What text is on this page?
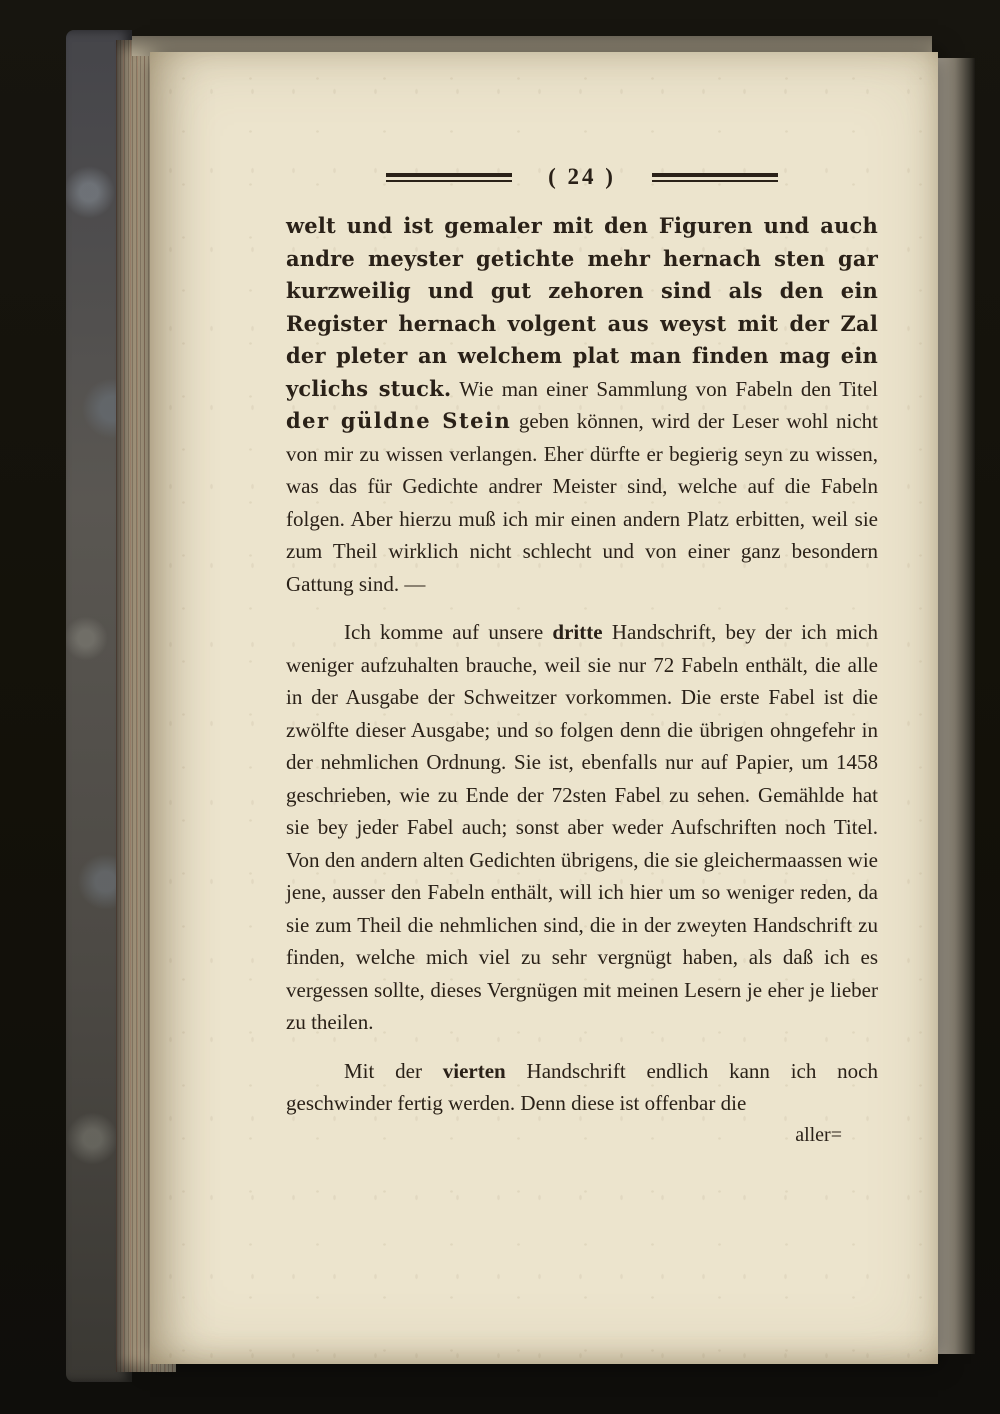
( 24 )

welt und ist gemaler mit den Figuren und auch andre meyster getichte mehr hernach sten gar kurzweilig und gut zehoren sind als den ein Register hernach volgent aus weyst mit der Zal der pleter an welchem plat man finden mag ein yclichs stuck. Wie man einer Sammlung von Fabeln den Titel der güldne Stein geben können, wird der Leser wohl nicht von mir zu wissen verlangen. Eher dürfte er begierig seyn zu wissen, was das für Gedichte andrer Meister sind, welche auf die Fabeln folgen. Aber hierzu muß ich mir einen andern Platz erbitten, weil sie zum Theil wirklich nicht schlecht und von einer ganz besondern Gattung sind. —

Ich komme auf unsere dritte Handschrift, bey der ich mich weniger aufzuhalten brauche, weil sie nur 72 Fabeln enthält, die alle in der Ausgabe der Schweitzer vorkommen. Die erste Fabel ist die zwölfte dieser Ausgabe; und so folgen denn die übrigen ohngefehr in der nehmlichen Ordnung. Sie ist, ebenfalls nur auf Papier, um 1458 geschrieben, wie zu Ende der 72sten Fabel zu sehen. Gemählde hat sie bey jeder Fabel auch; sonst aber weder Aufschriften noch Titel. Von den andern alten Gedichten übrigens, die sie gleichermaassen wie jene, ausser den Fabeln enthält, will ich hier um so weniger reden, da sie zum Theil die nehmlichen sind, die in der zweyten Handschrift zu finden, welche mich viel zu sehr vergnügt haben, als daß ich es vergessen sollte, dieses Vergnügen mit meinen Lesern je eher je lieber zu theilen.

Mit der vierten Handschrift endlich kann ich noch geschwinder fertig werden. Denn diese ist offenbar die

aller=
